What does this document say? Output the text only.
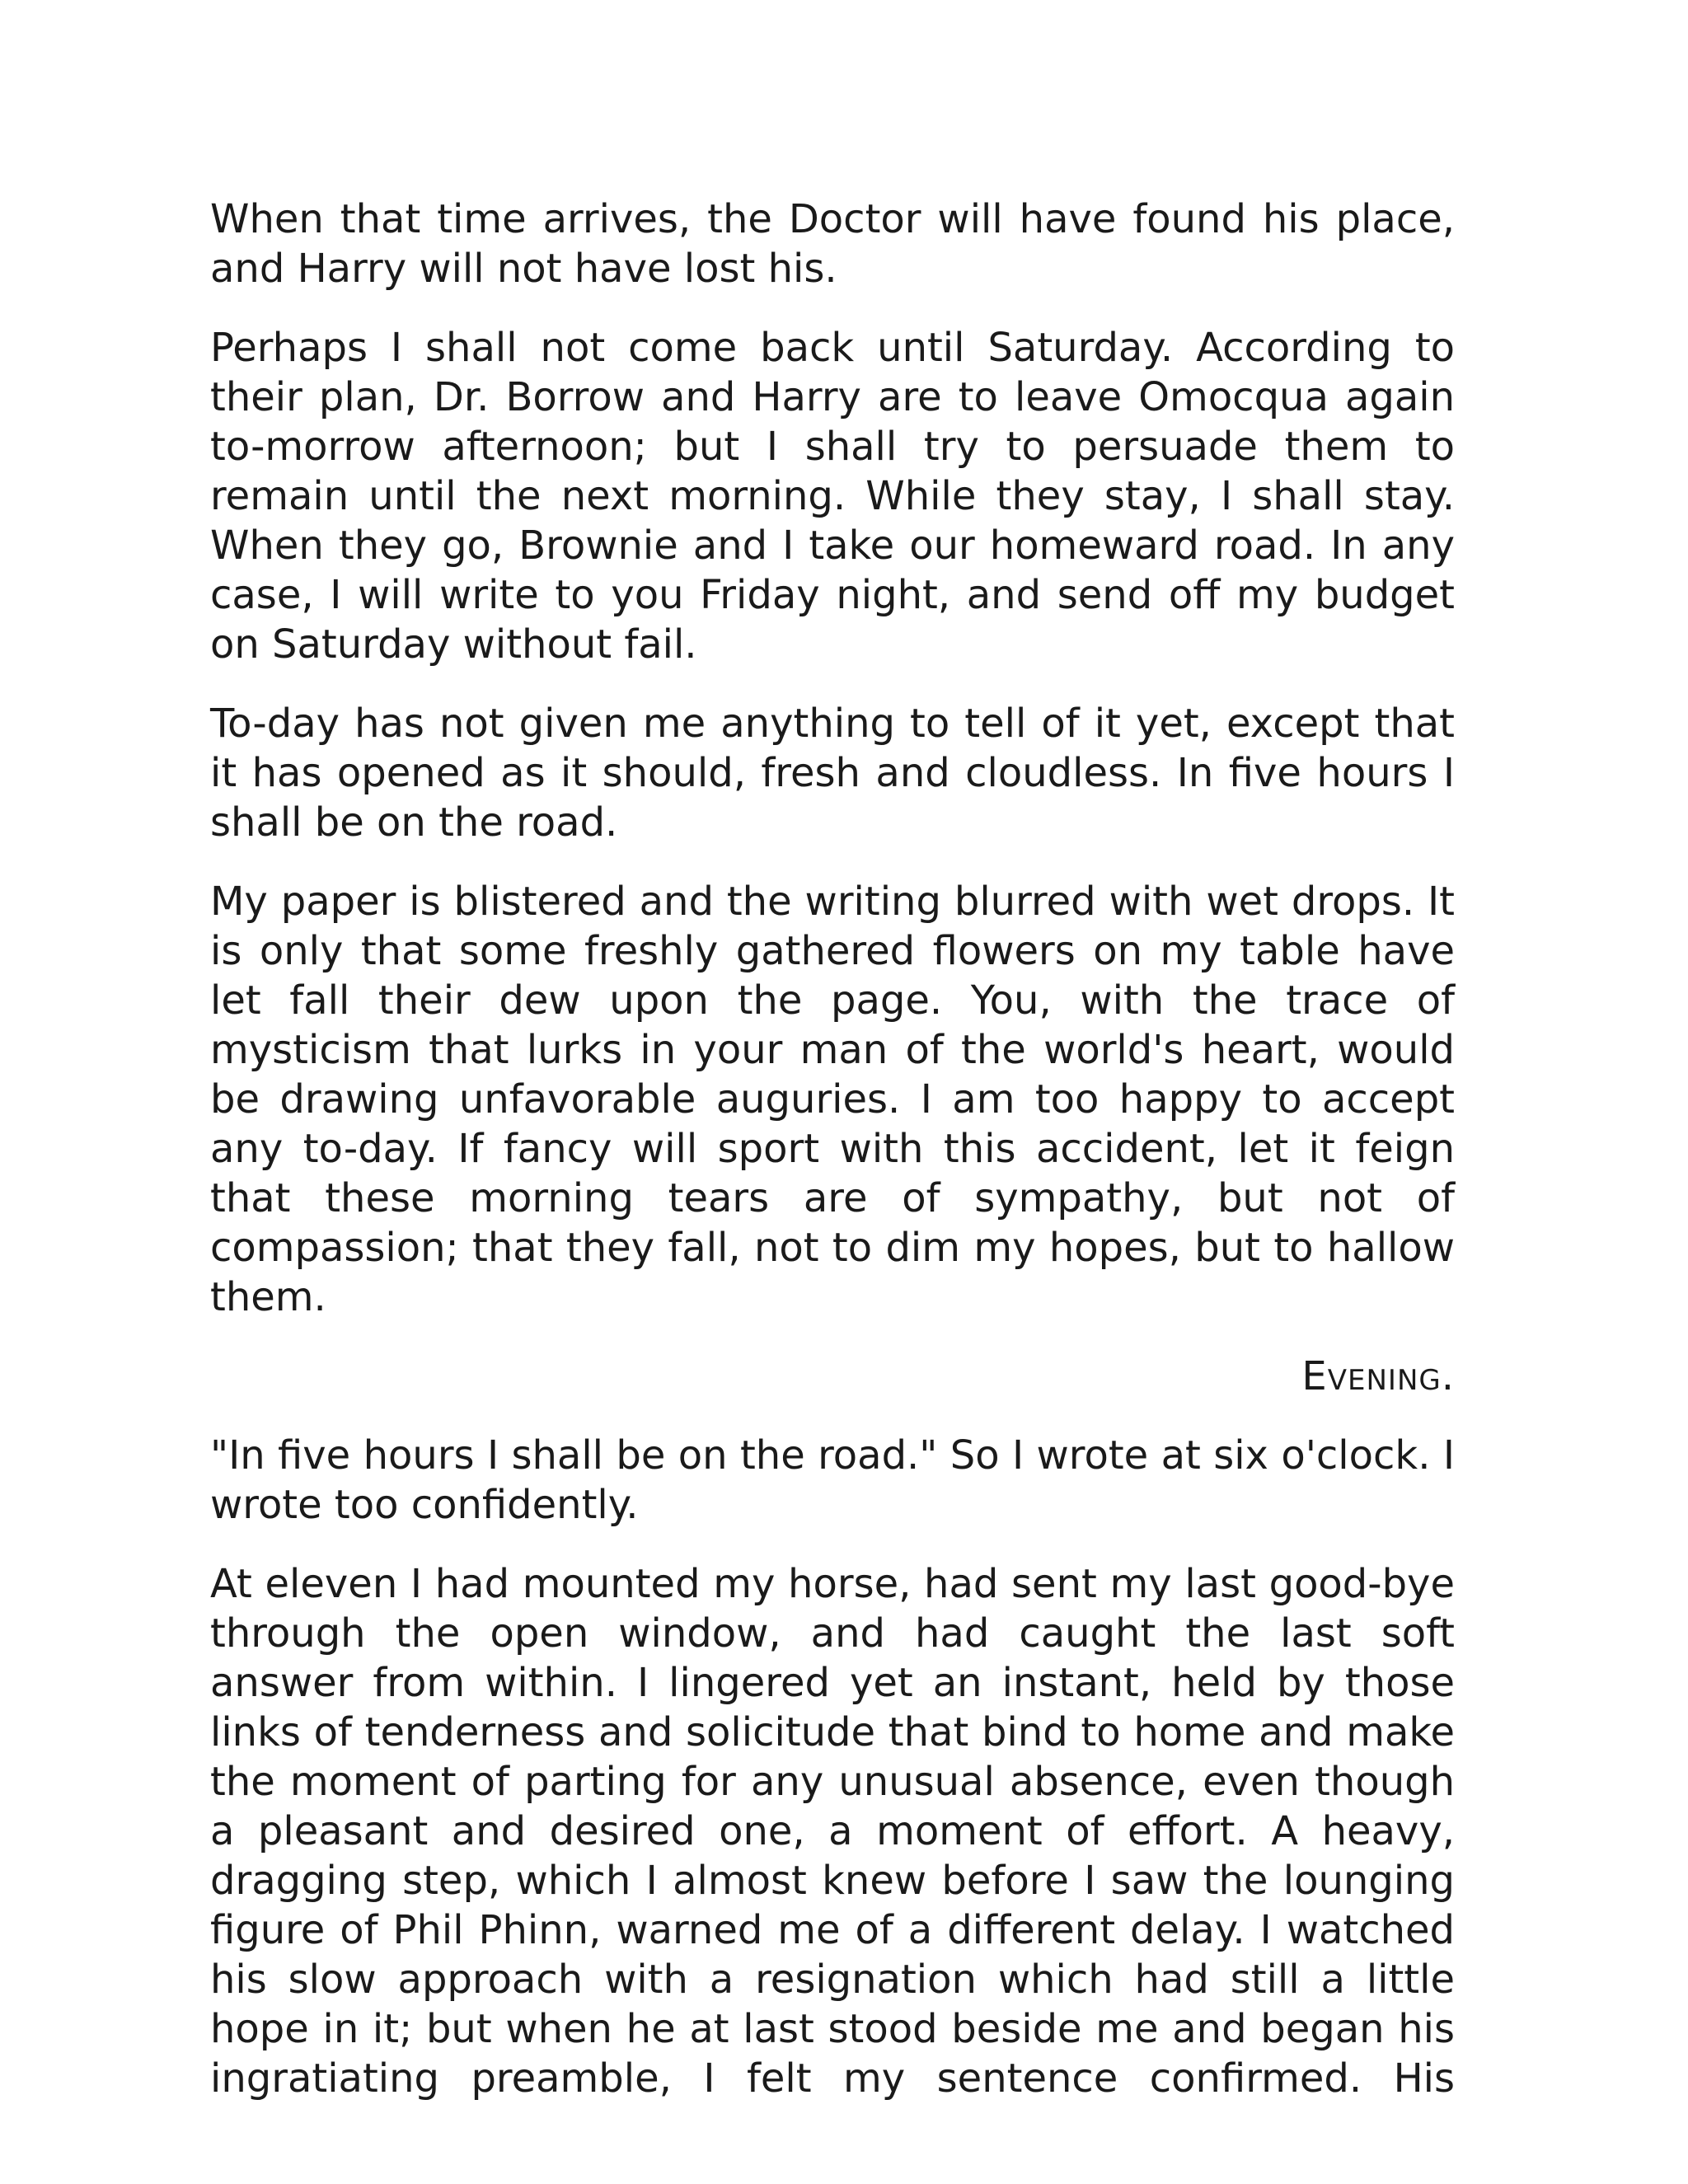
When that time arrives, the Doctor will have found his place, and Harry will not have lost his.

Perhaps I shall not come back until Saturday. According to their plan, Dr. Borrow and Harry are to leave Omocqua again to-morrow afternoon; but I shall try to persuade them to remain until the next morning. While they stay, I shall stay. When they go, Brownie and I take our homeward road. In any case, I will write to you Friday night, and send off my budget on Saturday without fail.

To-day has not given me anything to tell of it yet, except that it has opened as it should, fresh and cloudless. In five hours I shall be on the road.

My paper is blistered and the writing blurred with wet drops. It is only that some freshly gathered flowers on my table have let fall their dew upon the page. You, with the trace of mysticism that lurks in your man of the world's heart, would be drawing unfavorable auguries. I am too happy to accept any to-day. If fancy will sport with this accident, let it feign that these morning tears are of sympathy, but not of compassion; that they fall, not to dim my hopes, but to hallow them.

Evening.

"In five hours I shall be on the road." So I wrote at six o'clock. I wrote too confidently.

At eleven I had mounted my horse, had sent my last good-bye through the open window, and had caught the last soft answer from within. I lingered yet an instant, held by those links of tenderness and solicitude that bind to home and make the moment of parting for any unusual absence, even though a pleasant and desired one, a moment of effort. A heavy, dragging step, which I almost knew before I saw the lounging figure of Phil Phinn, warned me of a different delay. I watched his slow approach with a resignation which had still a little hope in it; but when he at last stood beside me and began his ingratiating preamble, I felt my sentence confirmed. His
